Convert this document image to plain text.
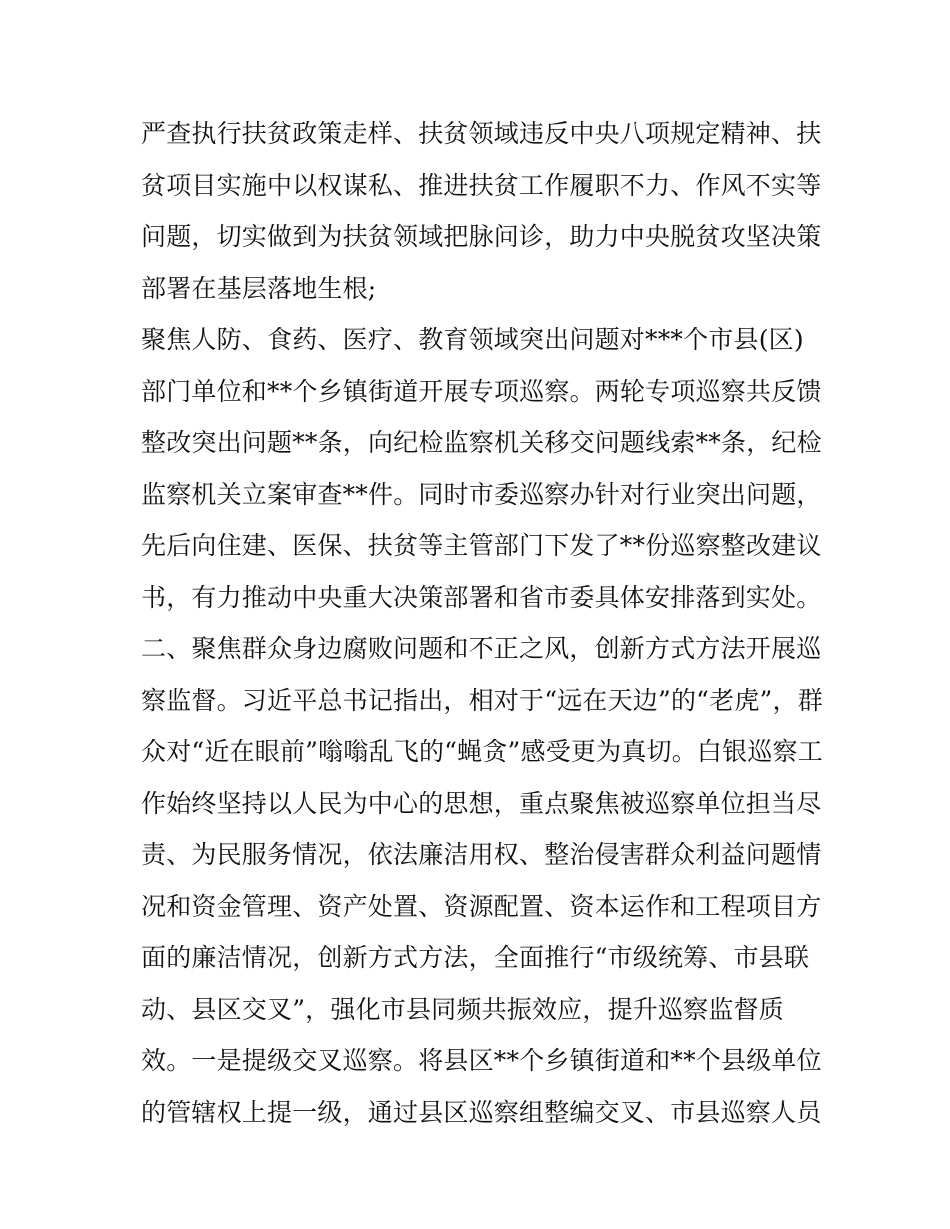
严查执行扶贫政策走样、扶贫领域违反中央八项规定精神、扶
贫项目实施中以权谋私、推进扶贫工作履职不力、作风不实等
问题，切实做到为扶贫领域把脉问诊，助力中央脱贫攻坚决策
部署在基层落地生根;
聚焦人防、食药、医疗、教育领域突出问题对***个市县(区)
部门单位和**个乡镇街道开展专项巡察。两轮专项巡察共反馈
整改突出问题**条，向纪检监察机关移交问题线索**条，纪检
监察机关立案审查**件。同时市委巡察办针对行业突出问题，
先后向住建、医保、扶贫等主管部门下发了**份巡察整改建议
书，有力推动中央重大决策部署和省市委具体安排落到实处。
二、聚焦群众身边腐败问题和不正之风，创新方式方法开展巡
察监督。习近平总书记指出，相对于“远在天边”的“老虎”，群
众对“近在眼前”嗡嗡乱飞的“蝇贪”感受更为真切。白银巡察工
作始终坚持以人民为中心的思想，重点聚焦被巡察单位担当尽
责、为民服务情况，依法廉洁用权、整治侵害群众利益问题情
况和资金管理、资产处置、资源配置、资本运作和工程项目方
面的廉洁情况，创新方式方法，全面推行“市级统筹、市县联
动、县区交叉”，强化市县同频共振效应，提升巡察监督质
效。一是提级交叉巡察。将县区**个乡镇街道和**个县级单位
的管辖权上提一级，通过县区巡察组整编交叉、市县巡察人员
